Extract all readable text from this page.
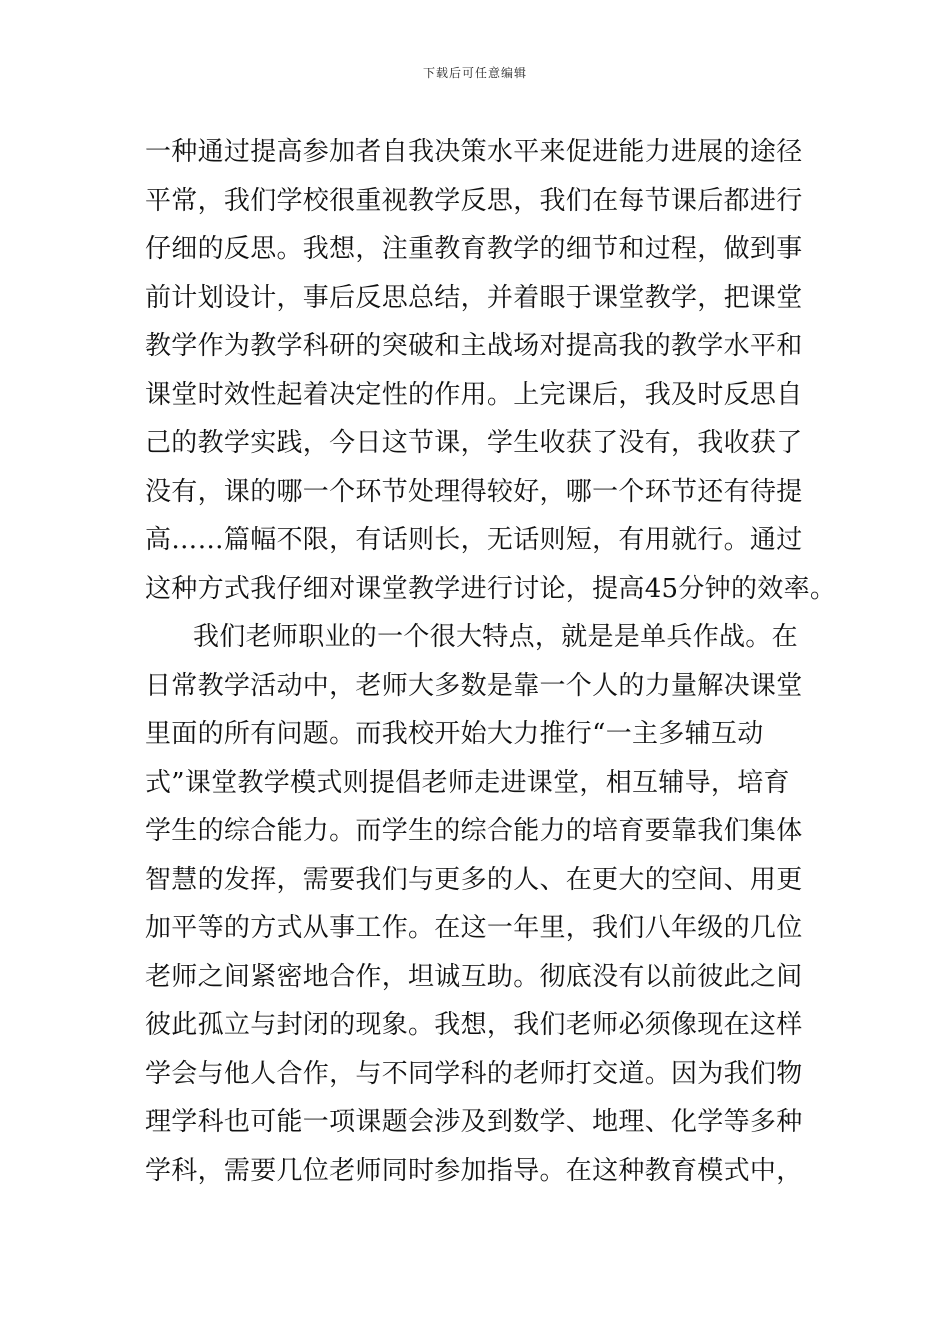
下载后可任意编辑
一种通过提高参加者自我决策水平来促进能力进展的途径
平常，我们学校很重视教学反思，我们在每节课后都进行
仔细的反思。我想，注重教育教学的细节和过程，做到事
前计划设计，事后反思总结，并着眼于课堂教学，把课堂
教学作为教学科研的突破和主战场对提高我的教学水平和
课堂时效性起着决定性的作用。上完课后，我及时反思自
己的教学实践，今日这节课，学生收获了没有，我收获了
没有，课的哪一个环节处理得较好，哪一个环节还有待提
高……篇幅不限，有话则长，无话则短，有用就行。通过
这种方式我仔细对课堂教学进行讨论，提高45分钟的效率。
我们老师职业的一个很大特点，就是是单兵作战。在
日常教学活动中，老师大多数是靠一个人的力量解决课堂
里面的所有问题。而我校开始大力推行“一主多辅互动
式”课堂教学模式则提倡老师走进课堂，相互辅导，培育
学生的综合能力。而学生的综合能力的培育要靠我们集体
智慧的发挥，需要我们与更多的人、在更大的空间、用更
加平等的方式从事工作。在这一年里，我们八年级的几位
老师之间紧密地合作，坦诚互助。彻底没有以前彼此之间
彼此孤立与封闭的现象。我想，我们老师必须像现在这样
学会与他人合作，与不同学科的老师打交道。因为我们物
理学科也可能一项课题会涉及到数学、地理、化学等多种
学科，需要几位老师同时参加指导。在这种教育模式中，
